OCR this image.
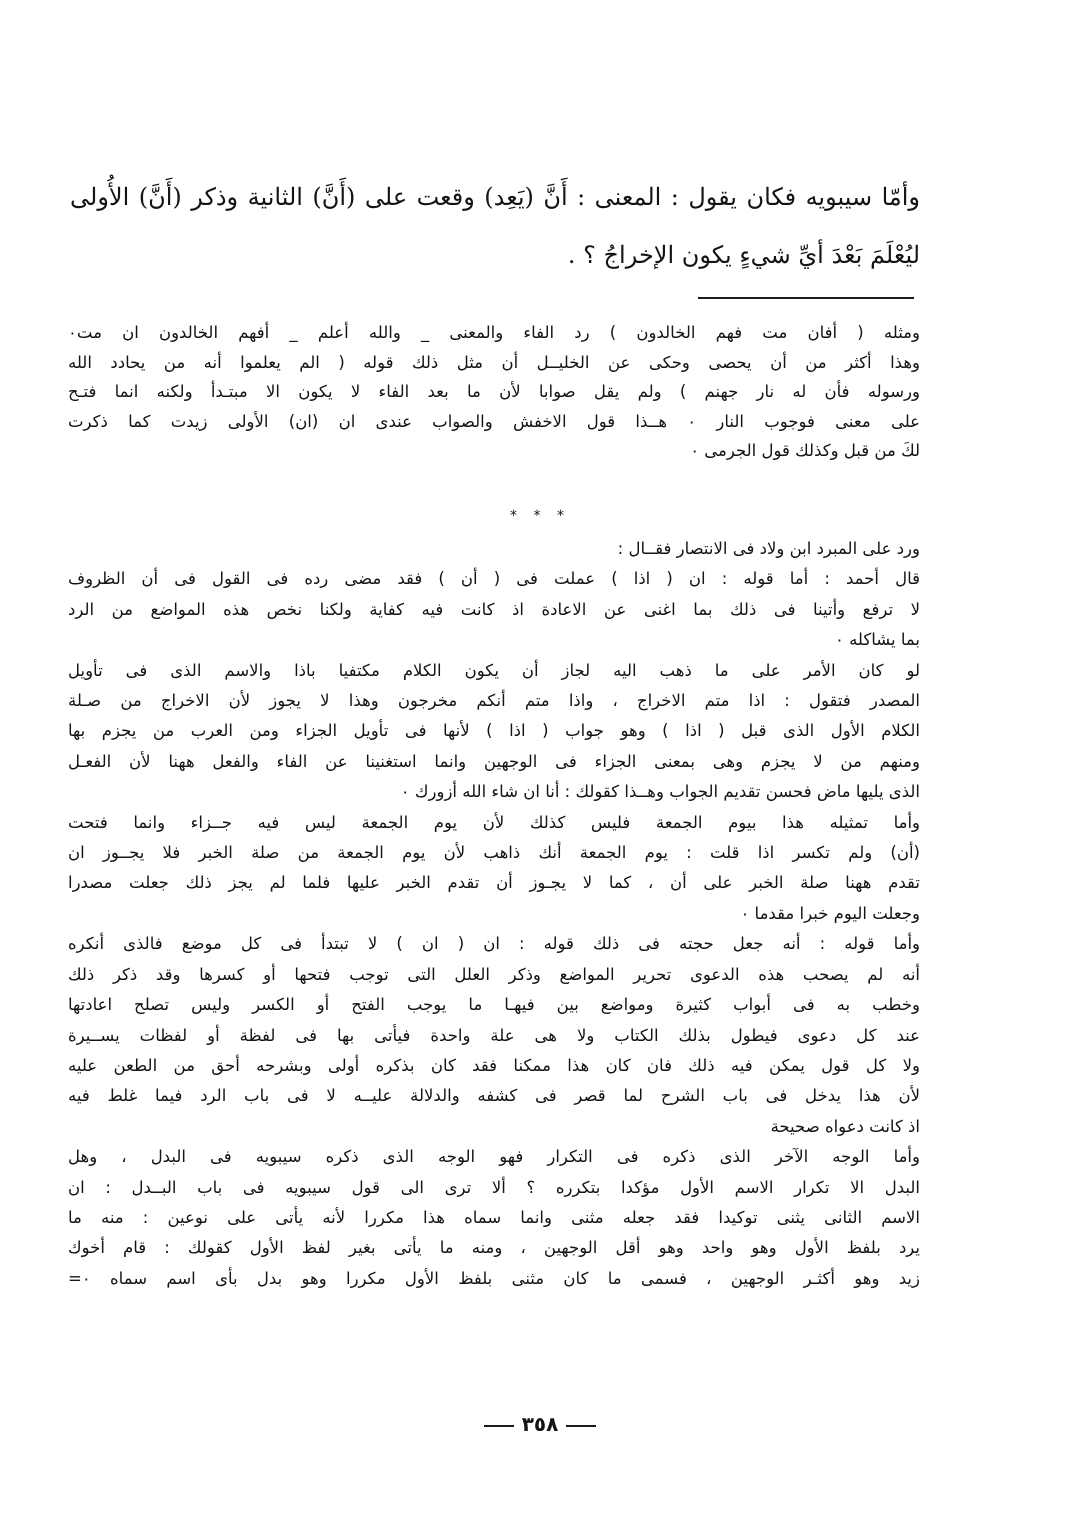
وأمّا سيبويه فكان يقول : المعنى : أَنَّ (يَعِد) وقعت على (أَنَّ) الثانية وذكر (أَنَّ) الأُولى
ليُعْلَمَ بَعْدَ أيِّ شيءٍ يكون الإخراجُ ؟ .
ومثله ( أفان مت فهم الخالدون ) رد الفاء والمعنى _ والله أعلم _ أفهم الخالدون ان مت٠
وهذا أكثر من أن يحصى وحكى عن الخليــل أن مثل ذلك قوله ( الم يعلموا أنه من يحادد الله
ورسوله فأن له نار جهنم ) ولم يقل صوابا لأن ما بعد الفاء لا يكون الا مبتـدأ ولكنه انما فتـح
على معنى فوجوب النار ٠ هــذا قول الاخفش والصواب عندى ان (ان) الأولى زيدت كما ذكرت
لكَ من قبل وكذلك قول الجرمى ٠
* * *
ورد على المبرد ابن ولاد فى الانتصار فقــال :
قال أحمد : أما قوله : ان ( اذا ) عملت فى ( أن ) فقد مضى رده فى القول فى أن الظروف
لا ترفع وأتينا فى ذلك بما اغنى عن الاعادة اذ كانت فيه كفاية ولكنا نخص هذه المواضع من الرد
بما يشاكله ٠
لو كان الأمر على ما ذهب اليه لجاز أن يكون الكلام مكتفيا باذا والاسم الذى فى تأويل
المصدر فتقول : اذا متم الاخراج ، واذا متم أنكم مخرجون وهذا لا يجوز لأن الاخراج من صـلة
الكلام الأول الذى قبل ( اذا ) وهو جواب ( اذا ) لأنها فى تأويل الجزاء ومن العرب من يجزم بها
ومنهم من لا يجزم وهى بمعنى الجزاء فى الوجهين وانما استغنينا عن الفاء والفعل ههنا لأن الفعـل
الذى يليها ماض فحسن تقديم الجواب وهــذا كقولك : أنا ان شاء الله أزورك ٠
وأما تمثيله هذا بيوم الجمعة فليس كذلك لأن يوم الجمعة ليس فيه جــزاء وانما فتحت
(أن) ولم تكسر اذا قلت : يوم الجمعة أنك ذاهب لأن يوم الجمعة من صلة الخبر فلا يجــوز ان
تقدم ههنا صلة الخبر على أن ، كما لا يجـوز أن تقدم الخبر عليها فلما لم يجز ذلك جعلت مصدرا
وجعلت اليوم خبرا مقدما ٠
وأما قوله : أنه جعل حجته فى ذلك قوله : ان ( ان ) لا تبتدأ فى كل موضع فالذى أنكره
أنه لم يصحب هذه الدعوى تحرير المواضع وذكر العلل التى توجب فتحها أو كسرها وقد ذكر ذلك
وخطب به فى أبواب كثيرة ومواضع بين فيهـا ما يوجب الفتح أو الكسر وليس تصلح اعادتها
عند كل دعوى فيطول بذلك الكتاب ولا هى علة واحدة فيأتى بها فى لفظة أو لفظات يســيرة
ولا كل قول يمكن فيه ذلك فان كان هذا ممكنا فقد كان بذكره أولى وبشرحه أحق من الطعن عليه
لأن هذا يدخل فى باب الشرح لما قصر فى كشفه والدلالة عليــه لا فى باب الرد فيما غلط فيه
اذ كانت دعواه صحيحة
وأما الوجه الآخر الذى ذكره فى التكرار فهو الوجه الذى ذكره سيبويه فى البدل ، وهل
البدل الا تكرار الاسم الأول مؤكدا بتكرره ؟ ألا ترى الى قول سيبويه فى باب البــدل : ان
الاسم الثانى يثنى توكيدا فقد جعله مثنى وانما سماه هذا مكررا لأنه يأتى على نوعين : منه ما
يرد بلفظ الأول وهو واحد وهو أقل الوجهين ، ومنه ما يأتى بغير لفظ الأول كقولك : قام أخوك
زيد وهو أكثـر الوجهين ، فسمى ما كان مثنى بلفظ الأول مكررا وهو بدل بأى اسم سماه ٠=
٣٥٨
